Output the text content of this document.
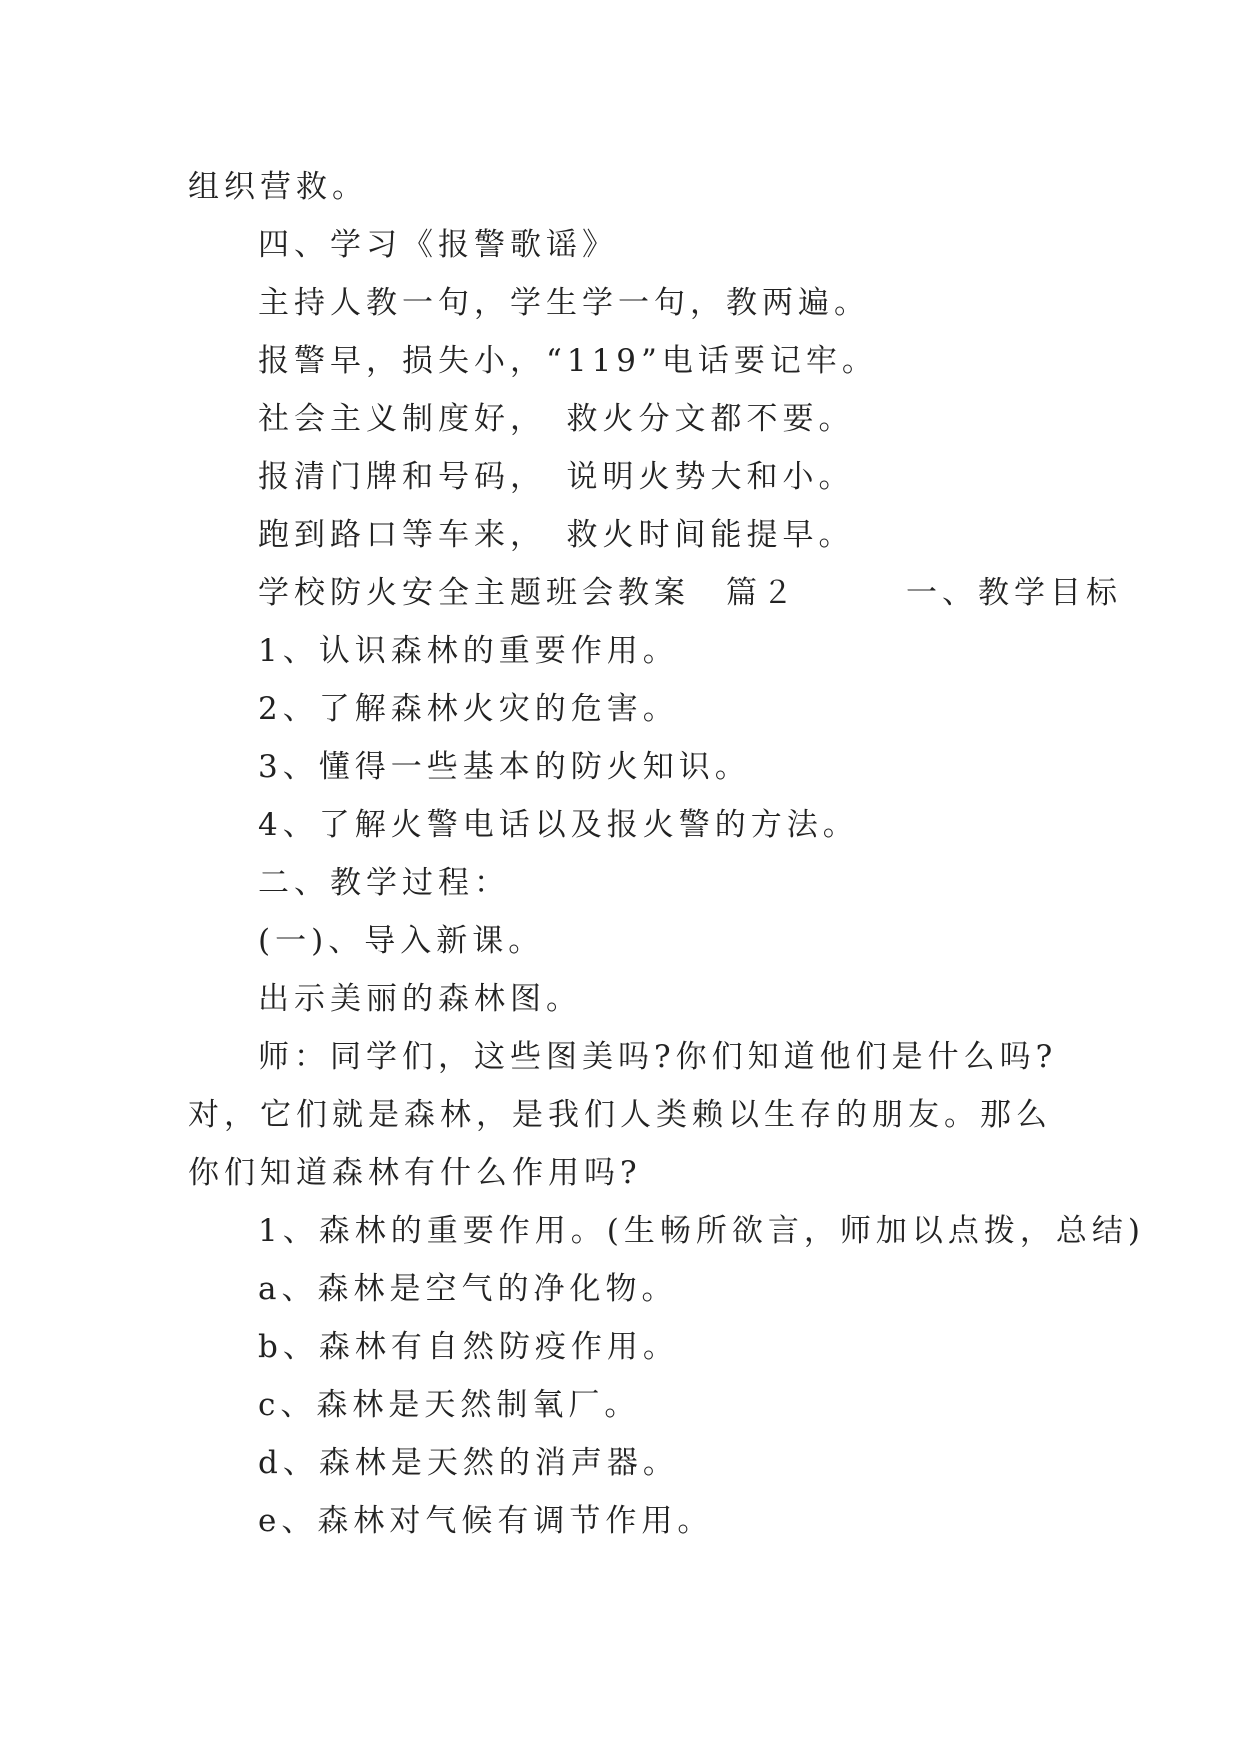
组织营救。

四、学习《报警歌谣》

主持人教一句，学生学一句，教两遍。

报警早，损失小，“119”电话要记牢。

社会主义制度好，　救火分文都不要。

报清门牌和号码，　说明火势大和小。

跑到路口等车来，　救火时间能提早。

学校防火安全主题班会教案　篇２　　　一、教学目标

1、认识森林的重要作用。

2、了解森林火灾的危害。

3、懂得一些基本的防火知识。

4、了解火警电话以及报火警的方法。

二、教学过程：

(一)、导入新课。

出示美丽的森林图。

师：同学们，这些图美吗?你们知道他们是什么吗?对，它们就是森林，是我们人类赖以生存的朋友。那么你们知道森林有什么作用吗?

1、森林的重要作用。(生畅所欲言，师加以点拨，总结)

a、森林是空气的净化物。

b、森林有自然防疫作用。

c、森林是天然制氧厂。

d、森林是天然的消声器。

e、森林对气候有调节作用。
